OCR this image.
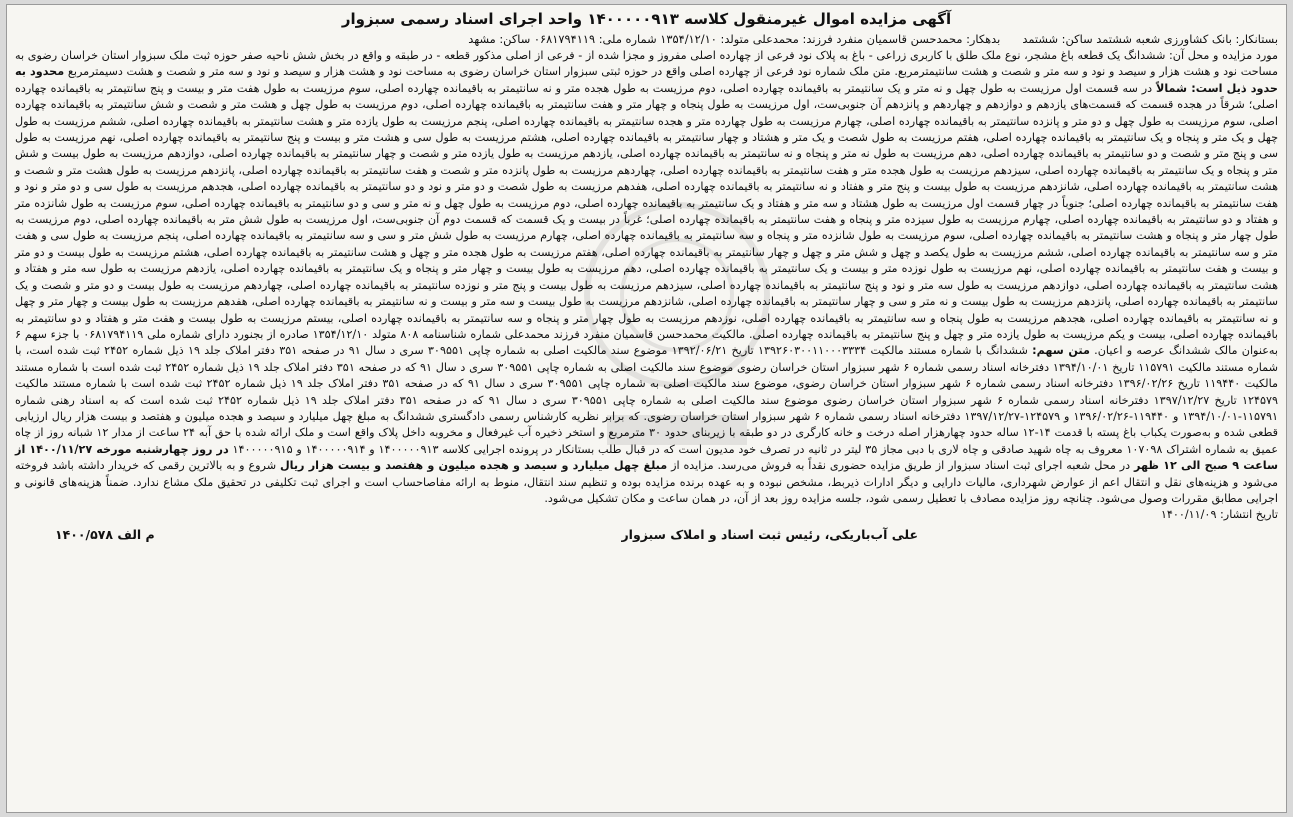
آگهی مزایده اموال غیرمنقول کلاسه ۱۴۰۰۰۰۰۹۱۳ واحد اجرای اسناد رسمی سبزوار
بستانکار: بانک کشاورزی شعبه ششتمد ساکن: ششتمد
بدهکار: محمدحسن قاسمیان منفرد فرزند: محمدعلی متولد: ۱۳۵۴/۱۲/۱۰ شماره ملی: ۰۶۸۱۷۹۴۱۱۹ ساکن: مشهد

مورد مزایده و محل آن: ششدانگ یک قطعه باغ مشجر، نوع ملک طلق با کاربری زراعی - باغ به پلاک نود فرعی از چهارده اصلی مفروز و مجزا شده از - فرعی از اصلی مذکور قطعه - در طبقه و واقع در بخش شش ناحیه صفر حوزه ثبت ملک سبزوار استان خراسان رضوی به مساحت نود و هشت هزار و سیصد و نود و سه متر و شصت و هشت سانتیمترمربع. متن ملک شماره نود فرعی از چهارده اصلی واقع در حوزه ثبتی سبزوار استان خراسان رضوی به مساحت نود و هشت هزار و سیصد و نود و سه متر و شصت و هشت دسیمترمربع محدود به حدود ذیل است: شمالاً در سه قسمت اول مرزیست به طول چهل و نه متر و یک سانتیمتر به باقیمانده چهارده اصلی، دوم مرزیست به طول هجده متر و نه سانتیمتر به باقیمانده چهارده اصلی، سوم مرزیست به طول هفت متر و بیست و پنج سانتیمتر به باقیمانده چهارده اصلی؛ شرقاً در هجده قسمت که قسمت‌های یازدهم و دوازدهم و چهاردهم و پانزدهم آن جنوبی‌ست، اول مرزیست به طول پنجاه و چهار متر و هفت سانتیمتر به باقیمانده چهارده اصلی، دوم مرزیست به طول چهل و هشت متر و شصت و شش سانتیمتر به باقیمانده چهارده اصلی، سوم مرزیست به طول چهل و دو متر و پانزده سانتیمتر به باقیمانده چهارده اصلی، چهارم مرزیست به طول چهارده متر و هجده سانتیمتر به باقیمانده چهارده اصلی، پنجم مرزیست به طول یازده متر و هشت سانتیمتر به باقیمانده چهارده اصلی، ششم مرزیست به طول چهل و یک متر و پنجاه و یک سانتیمتر به باقیمانده چهارده اصلی، هفتم مرزیست به طول شصت و یک متر و هشتاد و چهار سانتیمتر به باقیمانده چهارده اصلی، هشتم مرزیست به طول سی و هشت متر و بیست و پنج سانتیمتر به باقیمانده چهارده اصلی، نهم مرزیست به طول سی و پنج متر و شصت و دو سانتیمتر به باقیمانده چهارده اصلی، دهم مرزیست به طول نه متر و پنجاه و نه سانتیمتر به باقیمانده چهارده اصلی، یازدهم مرزیست به طول یازده متر و شصت و چهار سانتیمتر به باقیمانده چهارده اصلی، دوازدهم مرزیست به طول بیست و شش متر و پنجاه و یک سانتیمتر به باقیمانده چهارده اصلی، سیزدهم مرزیست به طول هجده متر و هفت سانتیمتر به باقیمانده چهارده اصلی، چهاردهم مرزیست به طول پانزده متر و شصت و هفت سانتیمتر به باقیمانده چهارده اصلی، پانزدهم مرزیست به طول هشت متر و شصت و هشت سانتیمتر به باقیمانده چهارده اصلی، شانزدهم مرزیست به طول بیست و پنج متر و هفتاد و نه سانتیمتر به باقیمانده چهارده اصلی، هفدهم مرزیست به طول شصت و دو متر و نود و دو سانتیمتر به باقیمانده چهارده اصلی، هجدهم مرزیست به طول سی و دو متر و نود و هفت سانتیمتر به باقیمانده چهارده اصلی؛ جنوباً در چهار قسمت اول مرزیست به طول هشتاد و سه متر و هفتاد و یک سانتیمتر به باقیمانده چهارده اصلی، دوم مرزیست به طول چهل و نه متر و سی و دو سانتیمتر به باقیمانده چهارده اصلی، سوم مرزیست به طول شانزده متر و هفتاد و دو سانتیمتر به باقیمانده چهارده اصلی، چهارم مرزیست به طول سیزده متر و پنجاه و هفت سانتیمتر به باقیمانده چهارده اصلی؛ غرباً در بیست و یک قسمت که قسمت دوم آن جنوبی‌ست، اول مرزیست به طول شش متر به باقیمانده چهارده اصلی، دوم مرزیست به طول چهار متر و پنجاه و هشت سانتیمتر به باقیمانده چهارده اصلی، سوم مرزیست به طول شانزده متر و پنجاه و سه سانتیمتر به باقیمانده چهارده اصلی، چهارم مرزیست به طول شش متر و سی و سه سانتیمتر به باقیمانده چهارده اصلی، پنجم مرزیست به طول سی و هفت متر و سه سانتیمتر به باقیمانده چهارده اصلی، ششم مرزیست به طول یکصد و چهل و شش متر و چهل و چهار سانتیمتر به باقیمانده چهارده اصلی، هفتم مرزیست به طول هجده متر و چهل و هشت سانتیمتر به باقیمانده چهارده اصلی، هشتم مرزیست به طول بیست و دو متر و بیست و هفت سانتیمتر به باقیمانده چهارده اصلی، نهم مرزیست به طول نوزده متر و بیست و یک سانتیمتر به باقیمانده چهارده اصلی، دهم مرزیست به طول بیست و چهار متر و پنجاه و یک سانتیمتر به باقیمانده چهارده اصلی، یازدهم مرزیست به طول سه متر و هفتاد و هشت سانتیمتر به باقیمانده چهارده اصلی، دوازدهم مرزیست به طول سه متر و نود و پنج سانتیمتر به باقیمانده چهارده اصلی، سیزدهم مرزیست به طول بیست و پنج متر و نوزده سانتیمتر به باقیمانده چهارده اصلی، چهاردهم مرزیست به طول بیست و دو متر و شصت و یک سانتیمتر به باقیمانده چهارده اصلی، پانزدهم مرزیست به طول بیست و نه متر و سی و چهار سانتیمتر به باقیمانده چهارده اصلی، شانزدهم مرزیست به طول بیست و سه متر و بیست و نه سانتیمتر به باقیمانده چهارده اصلی، هفدهم مرزیست به طول بیست و چهار متر و چهل و نه سانتیمتر به باقیمانده چهارده اصلی، هجدهم مرزیست به طول پنجاه و سه سانتیمتر به باقیمانده چهارده اصلی، نوزدهم مرزیست به طول چهار متر و پنجاه و سه سانتیمتر به باقیمانده چهارده اصلی، بیستم مرزیست به طول بیست و هفت متر و هفتاد و دو سانتیمتر به باقیمانده چهارده اصلی، بیست و یکم مرزیست به طول یازده متر و چهل و پنج سانتیمتر به باقیمانده چهارده اصلی. مالکیت محمدحسن قاسمیان منفرد فرزند محمدعلی شماره شناسنامه ۸۰۸ متولد ۱۳۵۴/۱۲/۱۰ صادره از بجنورد دارای شماره ملی ۰۶۸۱۷۹۴۱۱۹ با جزء سهم ۶ به‌عنوان مالک ششدانگ عرصه و اعیان. متن سهم: ششدانگ با شماره مستند مالکیت ۱۳۹۲۶۰۳۰۰۱۱۰۰۰۳۳۳۴ تاریخ ۱۳۹۲/۰۶/۲۱ موضوع سند مالکیت اصلی به شماره چاپی ۳۰۹۵۵۱ سری د سال ۹۱ در صفحه ۳۵۱ دفتر املاک جلد ۱۹ ذیل شماره ۲۴۵۲ ثبت شده است، با شماره مستند مالکیت ۱۱۵۷۹۱ تاریخ ۱۳۹۴/۱۰/۰۱ دفترخانه اسناد رسمی شماره ۶ شهر سبزوار استان خراسان رضوی موضوع سند مالکیت اصلی به شماره چاپی ۳۰۹۵۵۱ سری د سال ۹۱ که در صفحه ۳۵۱ دفتر املاک جلد ۱۹ ذیل شماره ۲۴۵۲ ثبت شده است با شماره مستند مالکیت ۱۱۹۴۴۰ تاریخ ۱۳۹۶/۰۲/۲۶ دفترخانه اسناد رسمی شماره ۶ شهر سبزوار استان خراسان رضوی، موضوع سند مالکیت اصلی به شماره چاپی ۳۰۹۵۵۱ سری د سال ۹۱ که در صفحه ۳۵۱ دفتر املاک جلد ۱۹ ذیل شماره ۲۴۵۲ ثبت شده است با شماره مستند مالکیت ۱۲۴۵۷۹ تاریخ ۱۳۹۷/۱۲/۲۷ دفترخانه اسناد رسمی شماره ۶ شهر سبزوار استان خراسان رضوی موضوع سند مالکیت اصلی به شماره چاپی ۳۰۹۵۵۱ سری د سال ۹۱ که در صفحه ۳۵۱ دفتر املاک جلد ۱۹ ذیل شماره ۲۴۵۲ ثبت شده است که به اسناد رهنی شماره ۱۱۵۷۹۱-۱۳۹۴/۱۰/۰۱ و ۱۱۹۴۴۰-۱۳۹۶/۰۲/۲۶ و ۱۲۴۵۷۹-۱۳۹۷/۱۲/۲۷ دفترخانه اسناد رسمی شماره ۶ شهر سبزوار استان خراسان رضوی. که برابر نظریه کارشناس رسمی دادگستری ششدانگ به مبلغ چهل میلیارد و سیصد و هجده میلیون و هفتصد و بیست هزار ریال ارزیابی قطعی شده و به‌صورت یکباب باغ پسته با قدمت ۱۴-۱۲ ساله حدود چهارهزار اصله درخت و خانه کارگری در دو طبقه با زیربنای حدود ۳۰ مترمربع و استخر ذخیره آب غیرفعال و مخروبه داخل پلاک واقع است و ملک ارائه شده با حق آبه ۲۴ ساعت از مدار ۱۲ شبانه روز از چاه عمیق به شماره اشتراک ۱۰۷۰۹۸ معروف به چاه شهید صادقی و چاه لاری با دبی مجاز ۳۵ لیتر در ثانیه در تصرف خود مدیون است که در قبال طلب بستانکار در پرونده اجرایی کلاسه ۱۴۰۰۰۰۰۹۱۳ و ۱۴۰۰۰۰۰۹۱۴ و ۱۴۰۰۰۰۰۹۱۵ در روز چهارشنبه مورخه ۱۴۰۰/۱۱/۲۷ از ساعت ۹ صبح الی ۱۲ ظهر در محل شعبه اجرای ثبت اسناد سبزوار از طریق مزایده حضوری نقداً به فروش می‌رسد. مزایده از مبلغ چهل میلیارد و سیصد و هجده میلیون و هفتصد و بیست هزار ریال شروع و به بالاترین رقمی که خریدار داشته باشد فروخته می‌شود و هزینه‌های نقل و انتقال اعم از عوارض شهرداری، مالیات دارایی و دیگر ادارات ذیربط، مشخص نبوده و به عهده برنده مزایده بوده و تنظیم سند انتقال، منوط به ارائه مفاصاحساب است و اجرای ثبت تکلیفی در تحقیق ملک مشاع ندارد. ضمناً هزینه‌های قانونی و اجرایی مطابق مقررات وصول می‌شود. چنانچه روز مزایده مصادف با تعطیل رسمی شود، جلسه مزایده روز بعد از آن، در همان ساعت و مکان تشکیل می‌شود.

تاریخ انتشار: ۱۴۰۰/۱۱/۰۹

علی آب‌باریکی، رئیس ثبت اسناد و املاک سبزوار
م الف ۱۴۰۰/۵۷۸
